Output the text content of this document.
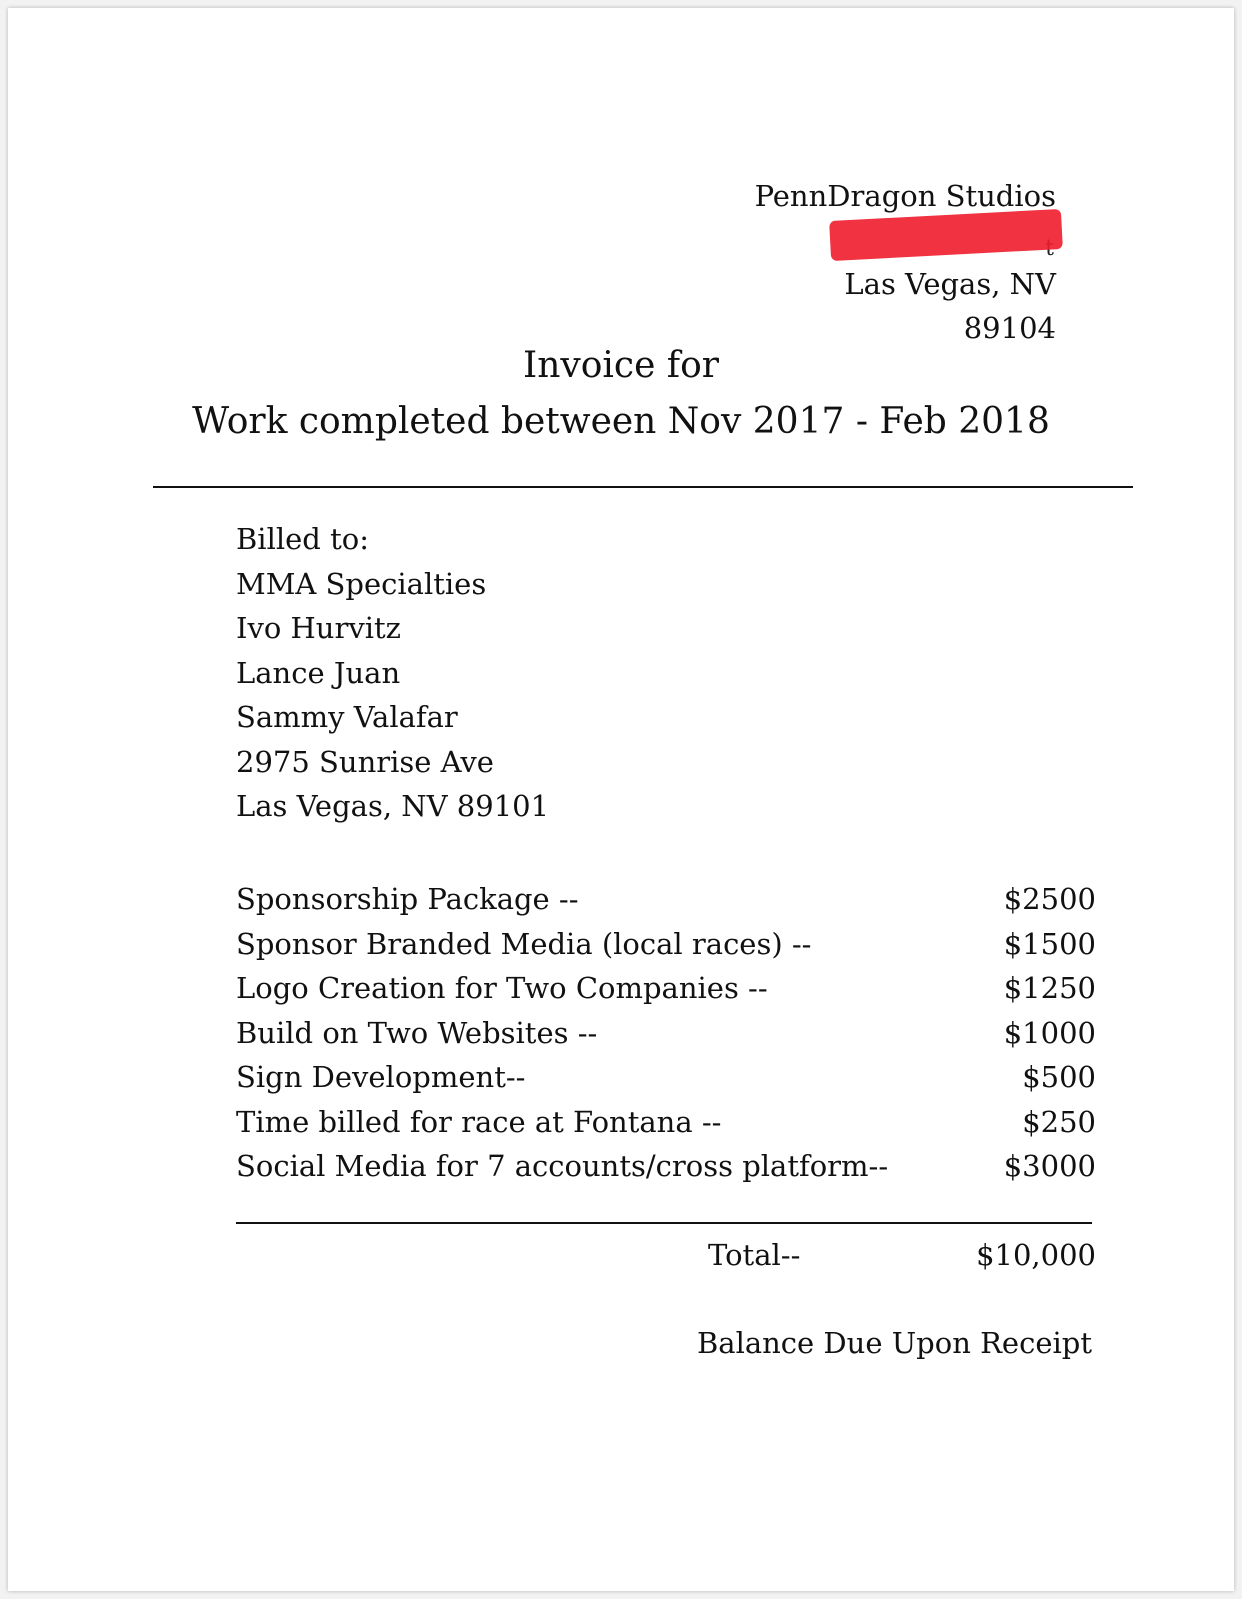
PennDragon Studios

Las Vegas, NV
89104
Invoice for
Work completed between Nov 2017 - Feb 2018
Billed to:
MMA Specialties
Ivo Hurvitz
Lance Juan
Sammy Valafar
2975 Sunrise Ave
Las Vegas, NV 89101
Sponsorship Package --	$2500
Sponsor Branded Media (local races) --	$1500
Logo Creation for Two Companies --	$1250
Build on Two Websites --	$1000
Sign Development--	$500
Time billed for race at Fontana --	$250
Social Media for 7 accounts/cross platform--	$3000
Total--	$10,000
Balance Due Upon Receipt
